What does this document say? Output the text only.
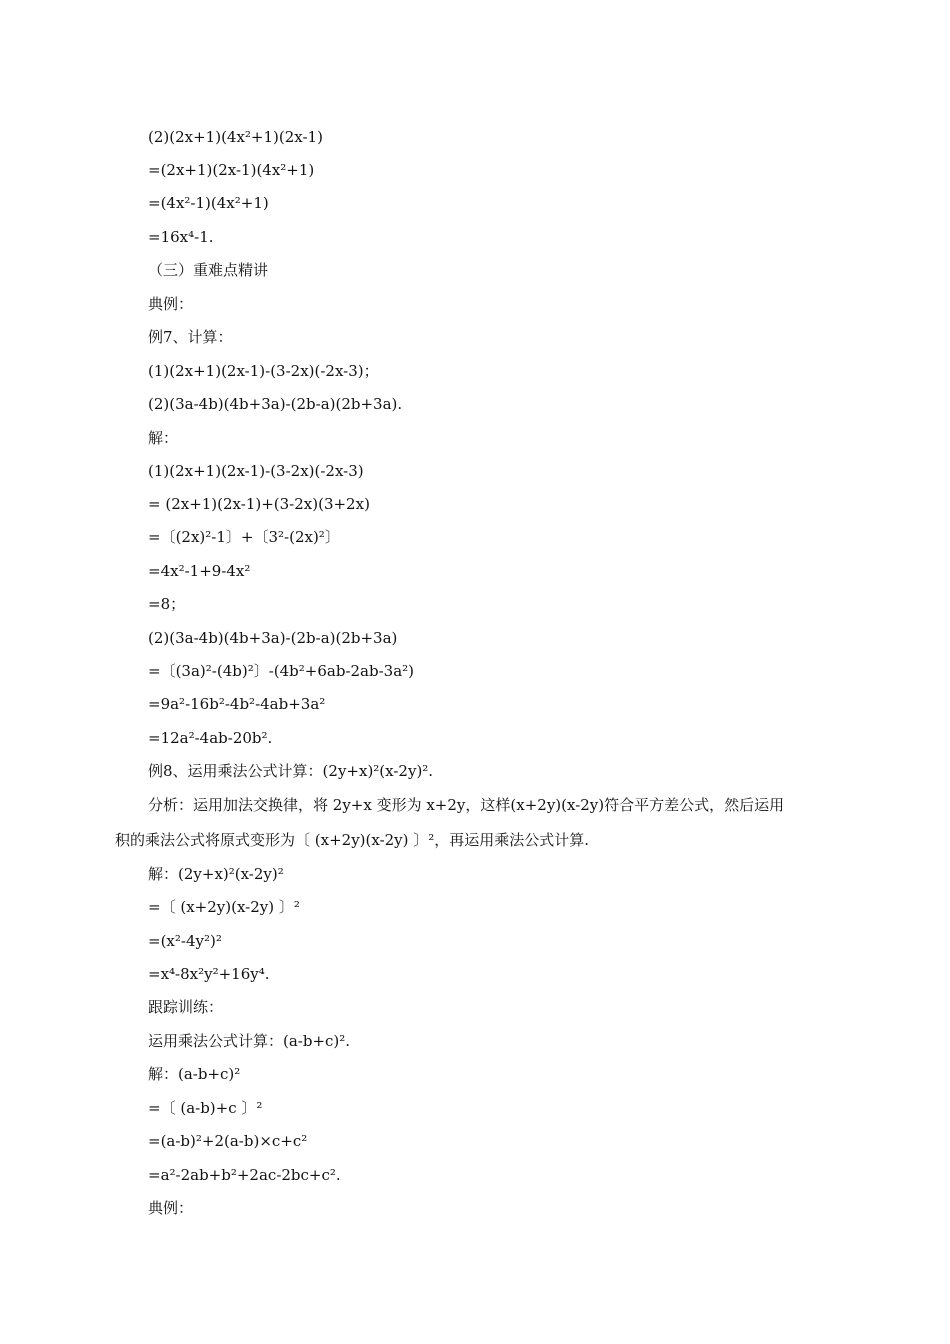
(2)(2x+1)(4x²+1)(2x-1)
=(2x+1)(2x-1)(4x²+1)
=(4x²-1)(4x²+1)
=16x⁴-1.
（三）重难点精讲
典例：
例7、计算：
(1)(2x+1)(2x-1)-(3-2x)(-2x-3)；
(2)(3a-4b)(4b+3a)-(2b-a)(2b+3a).
解：
(1)(2x+1)(2x-1)-(3-2x)(-2x-3)
= (2x+1)(2x-1)+(3-2x)(3+2x)
=〔(2x)²-1〕+〔3²-(2x)²〕
=4x²-1+9-4x²
=8；
(2)(3a-4b)(4b+3a)-(2b-a)(2b+3a)
=〔(3a)²-(4b)²〕-(4b²+6ab-2ab-3a²)
=9a²-16b²-4b²-4ab+3a²
=12a²-4ab-20b².
例8、运用乘法公式计算：(2y+x)²(x-2y)².
分析：运用加法交换律，将 2y+x 变形为 x+2y，这样(x+2y)(x-2y)符合平方差公式，然后运用
积的乘法公式将原式变形为〔 (x+2y)(x-2y) 〕²，再运用乘法公式计算.
解：(2y+x)²(x-2y)²
=〔 (x+2y)(x-2y) 〕²
=(x²-4y²)²
=x⁴-8x²y²+16y⁴.
跟踪训练：
运用乘法公式计算：(a-b+c)².
解：(a-b+c)²
=〔 (a-b)+c 〕²
=(a-b)²+2(a-b)×c+c²
=a²-2ab+b²+2ac-2bc+c².
典例：
